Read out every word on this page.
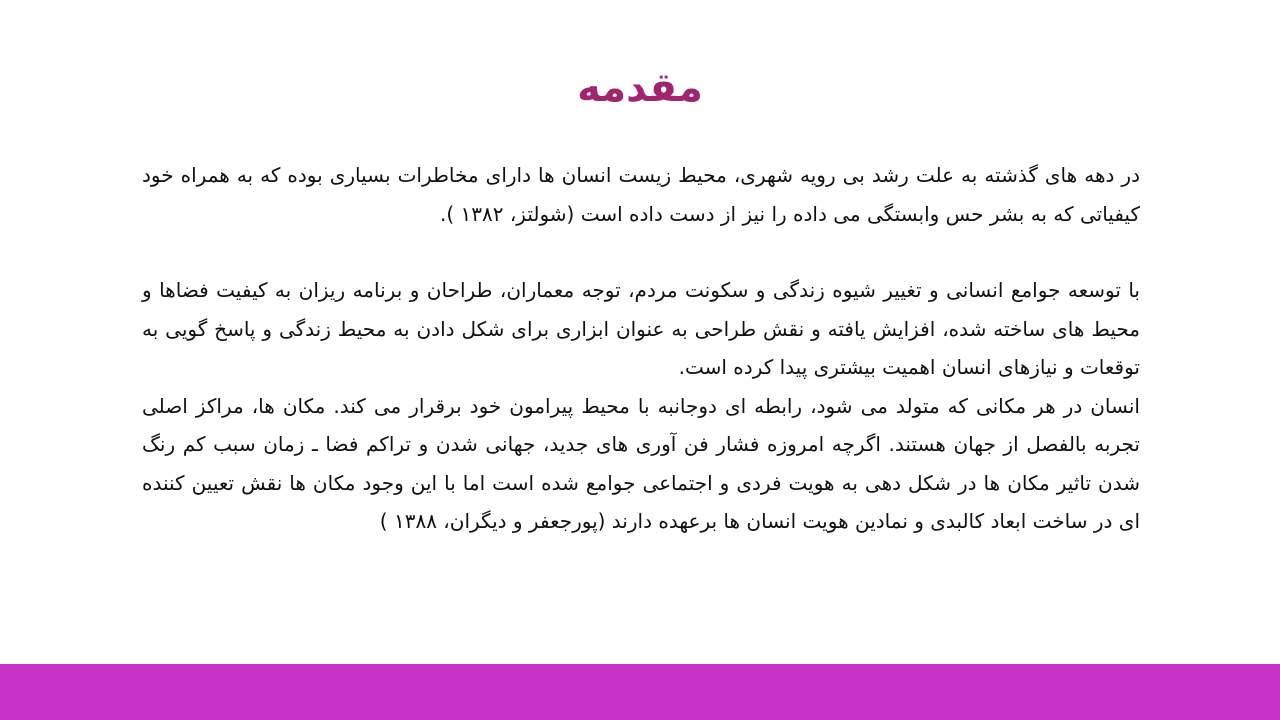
مقدمه

در دهه های گذشته به علت رشد بی رویه شهری، محیط زیست انسان ها دارای مخاطرات بسیاری بوده که به همراه خود کیفیاتی که به بشر حس وابستگی می داده را نیز از دست داده است (شولتز، ۱۳۸۲ ).

با توسعه جوامع انسانی و تغییر شیوه زندگی و سکونت مردم، توجه معماران، طراحان و برنامه ریزان به کیفیت فضاها و محیط های ساخته شده، افزایش یافته و نقش طراحی به عنوان ابزاری برای شکل دادن به محیط زندگی و پاسخ گویی به توقعات و نیازهای انسان اهمیت بیشتری پیدا کرده است.

انسان در هر مکانی که متولد می شود، رابطه ای دوجانبه با محیط پیرامون خود برقرار می کند. مکان ها، مراکز اصلی تجربه بالفصل از جهان هستند. اگرچه امروزه فشار فن آوری های جدید، جهانی شدن و تراکم فضا ـ زمان سبب کم رنگ شدن تاثیر مکان ها در شکل دهی به هویت فردی و اجتماعی جوامع شده است اما با این وجود مکان ها نقش تعیین کننده ای در ساخت ابعاد کالبدی و نمادین هویت انسان ها برعهده دارند (پورجعفر و دیگران، ۱۳۸۸ )
